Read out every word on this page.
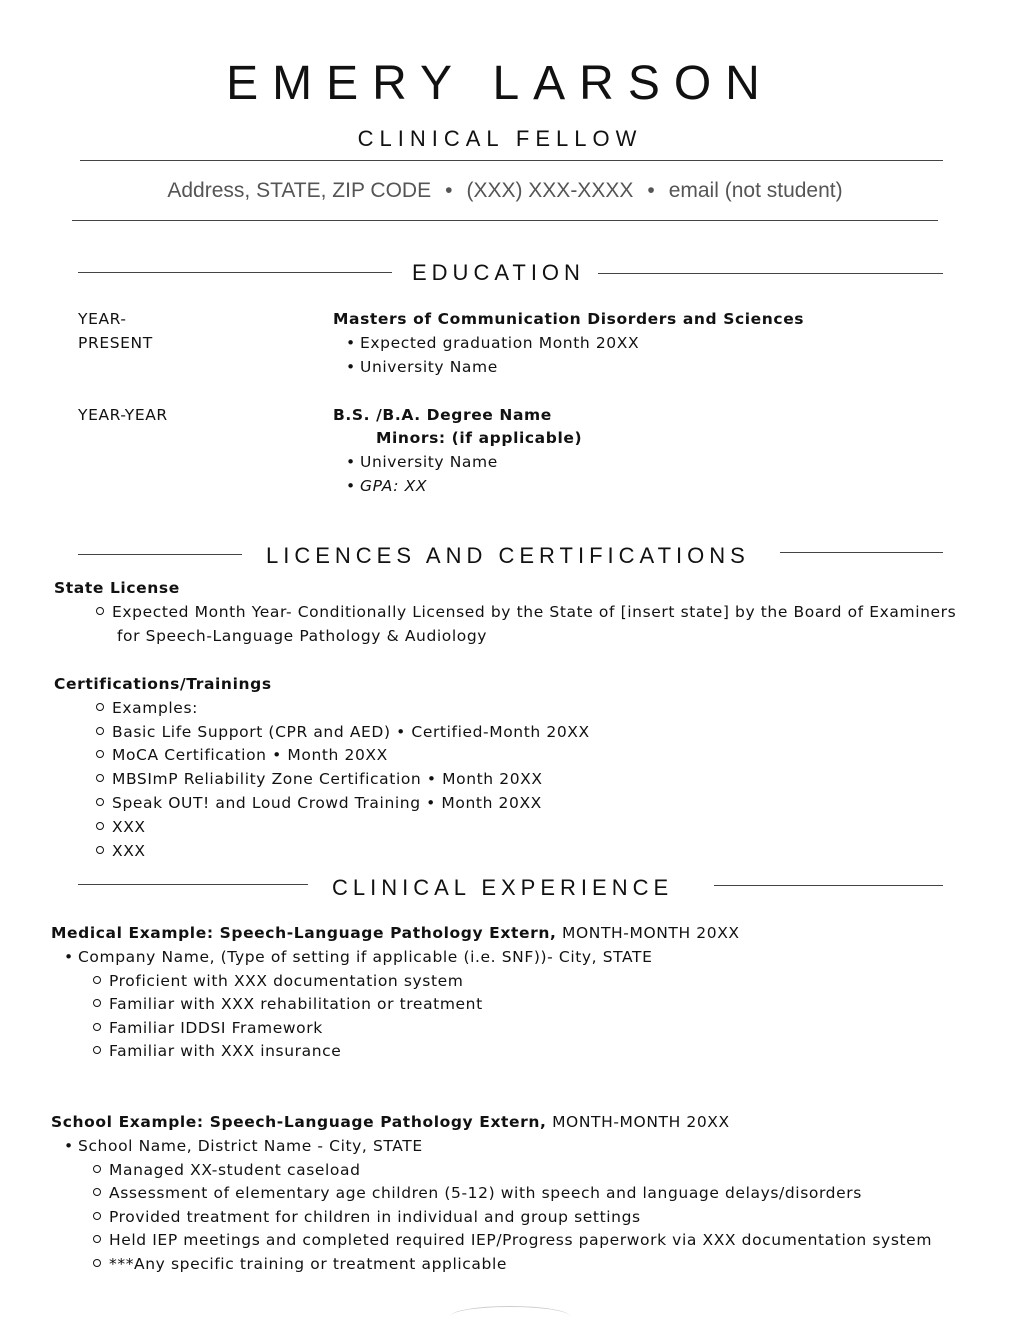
EMERY LARSON
CLINICAL FELLOW
Address, STATE, ZIP CODE • (XXX) XXX-XXXX • email (not student)
EDUCATION
YEAR-
PRESENT
Masters of Communication Disorders and Sciences
• Expected graduation Month 20XX
• University Name
YEAR-YEAR	B.S. /B.A. Degree Name
Minors: (if applicable)
• University Name
• GPA: XX
LICENCES AND CERTIFICATIONS
State License
Expected Month Year- Conditionally Licensed by the State of [insert state] by the Board of Examiners
for Speech-Language Pathology & Audiology
Certifications/Trainings
Examples:
Basic Life Support (CPR and AED) • Certified-Month 20XX
MoCA Certification • Month 20XX
MBSImP Reliability Zone Certification • Month 20XX
Speak OUT! and Loud Crowd Training • Month 20XX
XXX
XXX
CLINICAL EXPERIENCE
Medical Example: Speech-Language Pathology Extern, MONTH-MONTH 20XX
• Company Name, (Type of setting if applicable (i.e. SNF))- City, STATE
Proficient with XXX documentation system
Familiar with XXX rehabilitation or treatment
Familiar IDDSI Framework
Familiar with XXX insurance
School Example: Speech-Language Pathology Extern, MONTH-MONTH 20XX
• School Name, District Name - City, STATE
Managed XX-student caseload
Assessment of elementary age children (5-12) with speech and language delays/disorders
Provided treatment for children in individual and group settings
Held IEP meetings and completed required IEP/Progress paperwork via XXX documentation system
***Any specific training or treatment applicable
